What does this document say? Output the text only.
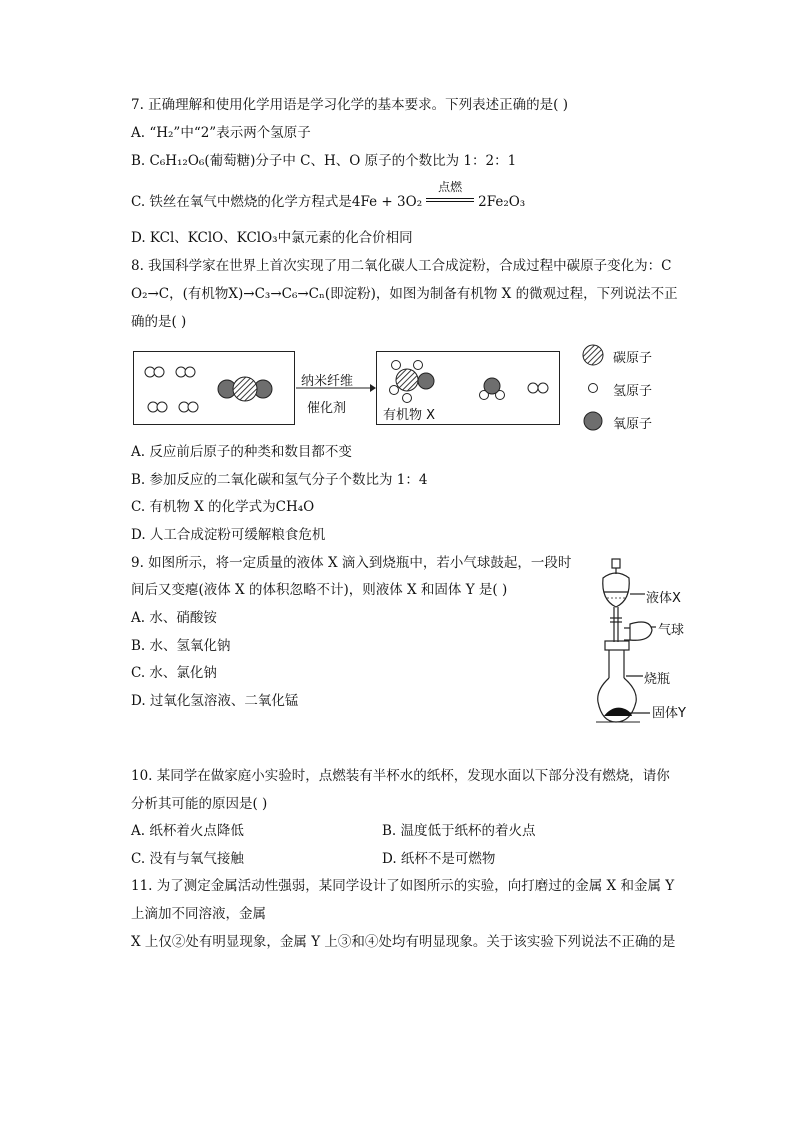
7. 正确理解和使用化学用语是学习化学的基本要求。下列表述正确的是( )
A. “H₂”中“2”表示两个氢原子
B. C₆H₁₂O₆(葡萄糖)分子中 C、H、O 原子的个数比为 1：2：1
C. 铁丝在氧气中燃烧的化学方程式是4Fe + 3O₂
点燃
2Fe₂O₃
D. KCl、KClO、KClO₃中氯元素的化合价相同
8. 我国科学家在世界上首次实现了用二氧化碳人工合成淀粉，合成过程中碳原子变化为：C
O₂→C，(有机物X)→C₃→C₆→Cₙ(即淀粉)，如图为制备有机物 X 的微观过程，下列说法不正
确的是( )
纳米纤维
催化剂	有机物 X
碳原子
氢原子
氧原子
A. 反应前后原子的种类和数目都不变
B. 参加反应的二氧化碳和氢气分子个数比为 1：4
C. 有机物 X 的化学式为CH₄O
D. 人工合成淀粉可缓解粮食危机
9. 如图所示，将一定质量的液体 X 滴入到烧瓶中，若小气球鼓起，一段时
间后又变瘪(液体 X 的体积忽略不计)，则液体 X 和固体 Y 是( )
A. 水、硝酸铵
B. 水、氢氧化钠
C. 水、氯化钠
D. 过氧化氢溶液、二氧化锰
液体X
气球
烧瓶
固体Y
10. 某同学在做家庭小实验时，点燃装有半杯水的纸杯，发现水面以下部分没有燃烧，请你
分析其可能的原因是( )
A. 纸杯着火点降低	B. 温度低于纸杯的着火点
C. 没有与氧气接触	D. 纸杯不是可燃物
11. 为了测定金属活动性强弱，某同学设计了如图所示的实验，向打磨过的金属 X 和金属 Y
上滴加不同溶液，金属
X 上仅②处有明显现象，金属 Y 上③和④处均有明显现象。关于该实验下列说法不正确的是
